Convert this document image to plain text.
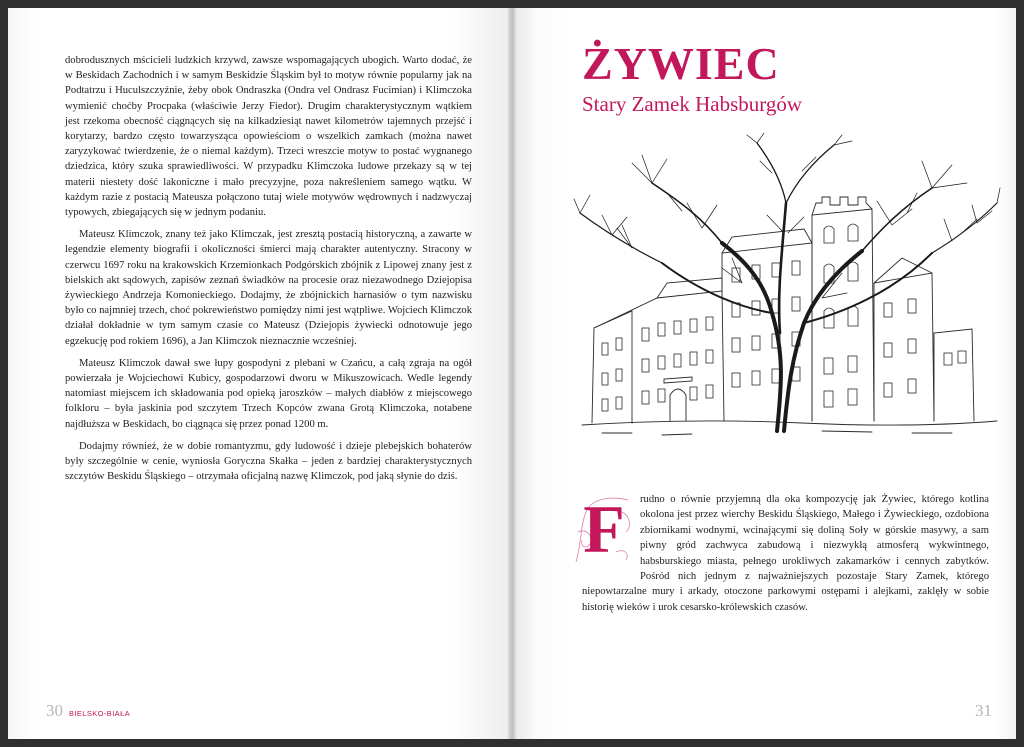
dobrodusznych mścicieli ludzkich krzywd, zawsze wspomagających ubogich. Warto dodać, że w Beskidach Zachodnich i w samym Beskidzie Śląskim był to motyw równie popularny jak na Podtatrzu i Huculszczyźnie, żeby obok Ondraszka (Ondra vel Ondrasz Fucimian) i Klimczoka wymienić choćby Procpaka (właściwie Jerzy Fiedor). Drugim charakterystycznym wątkiem jest rzekoma obecność ciągnących się na kilkadziesiąt nawet kilometrów tajemnych przejść i korytarzy, bardzo często towarzysząca opowieściom o wszelkich zamkach (można nawet zaryzykować twierdzenie, że o niemal każdym). Trzeci wreszcie motyw to postać wygnanego dziedzica, który szuka sprawiedliwości. W przypadku Klimczoka ludowe przekazy są w tej materii niestety dość lakoniczne i mało precyzyjne, poza nakreśleniem samego wątku. W każdym razie z postacią Mateusza połączono tutaj wiele motywów wędrownych i nadzwyczaj typowych, zbiegających się w jednym podaniu.

Mateusz Klimczok, znany też jako Klimczak, jest zresztą postacią historyczną, a zawarte w legendzie elementy biografii i okoliczności śmierci mają charakter autentyczny. Stracony w czerwcu 1697 roku na krakowskich Krzemionkach Podgórskich zbójnik z Lipowej znany jest z bielskich akt sądowych, zapisów zeznań świadków na procesie oraz niezawodnego Dziejopisa żywieckiego Andrzeja Komonieckiego. Dodajmy, że zbójnickich harnasiów o tym nazwisku było co najmniej trzech, choć pokrewieństwo pomiędzy nimi jest wątpliwe. Wojciech Klimczok działał dokładnie w tym samym czasie co Mateusz (Dziejopis żywiecki odnotowuje jego egzekucję pod rokiem 1696), a Jan Klimczok nieznacznie wcześniej.

Mateusz Klimczok dawał swe łupy gospodyni z plebani w Czańcu, a całą zgraja na ogół powierzała je Wojciechowi Kubicy, gospodarzowi dworu w Mikuszowicach. Wedle legendy natomiast miejscem ich składowania pod opieką jaroszków – małych diabłów z miejscowego folkloru – była jaskinia pod szczytem Trzech Kopców zwana Grotą Klimczoka, notabene najdłuższa w Beskidach, bo ciągnąca się przez ponad 1200 m.

Dodajmy również, że w dobie romantyzmu, gdy ludowość i dzieje plebejskich bohaterów były szczególnie w cenie, wyniosła Goryczna Skałka – jeden z bardziej charakterystycznych szczytów Beskidu Śląskiego – otrzymała oficjalną nazwę Klimczok, pod jaką słynie do dziś.

30 BIELSKO-BIAŁA
ŻYWIEC
Stary Zamek Habsburgów

rudno o równie przyjemną dla oka kompozycję jak Żywiec, którego kotlina okolona jest przez wierchy Beskidu Śląskiego, Małego i Żywieckiego, ozdobiona zbiornikami wodnymi, wcinającymi się doliną Soły w górskie masywy, a sam piwny gród zachwyca zabudową i niezwykłą atmosferą wykwintnego, habsburskiego miasta, pełnego urokliwych zakamarków i cennych zabytków. Pośród nich jednym z najważniejszych pozostaje Stary Zamek, którego niepowtarzalne mury i arkady, otoczone parkowymi ostępami i alejkami, zaklęły w sobie historię wieków i urok cesarsko-królewskich czasów.

F
31
